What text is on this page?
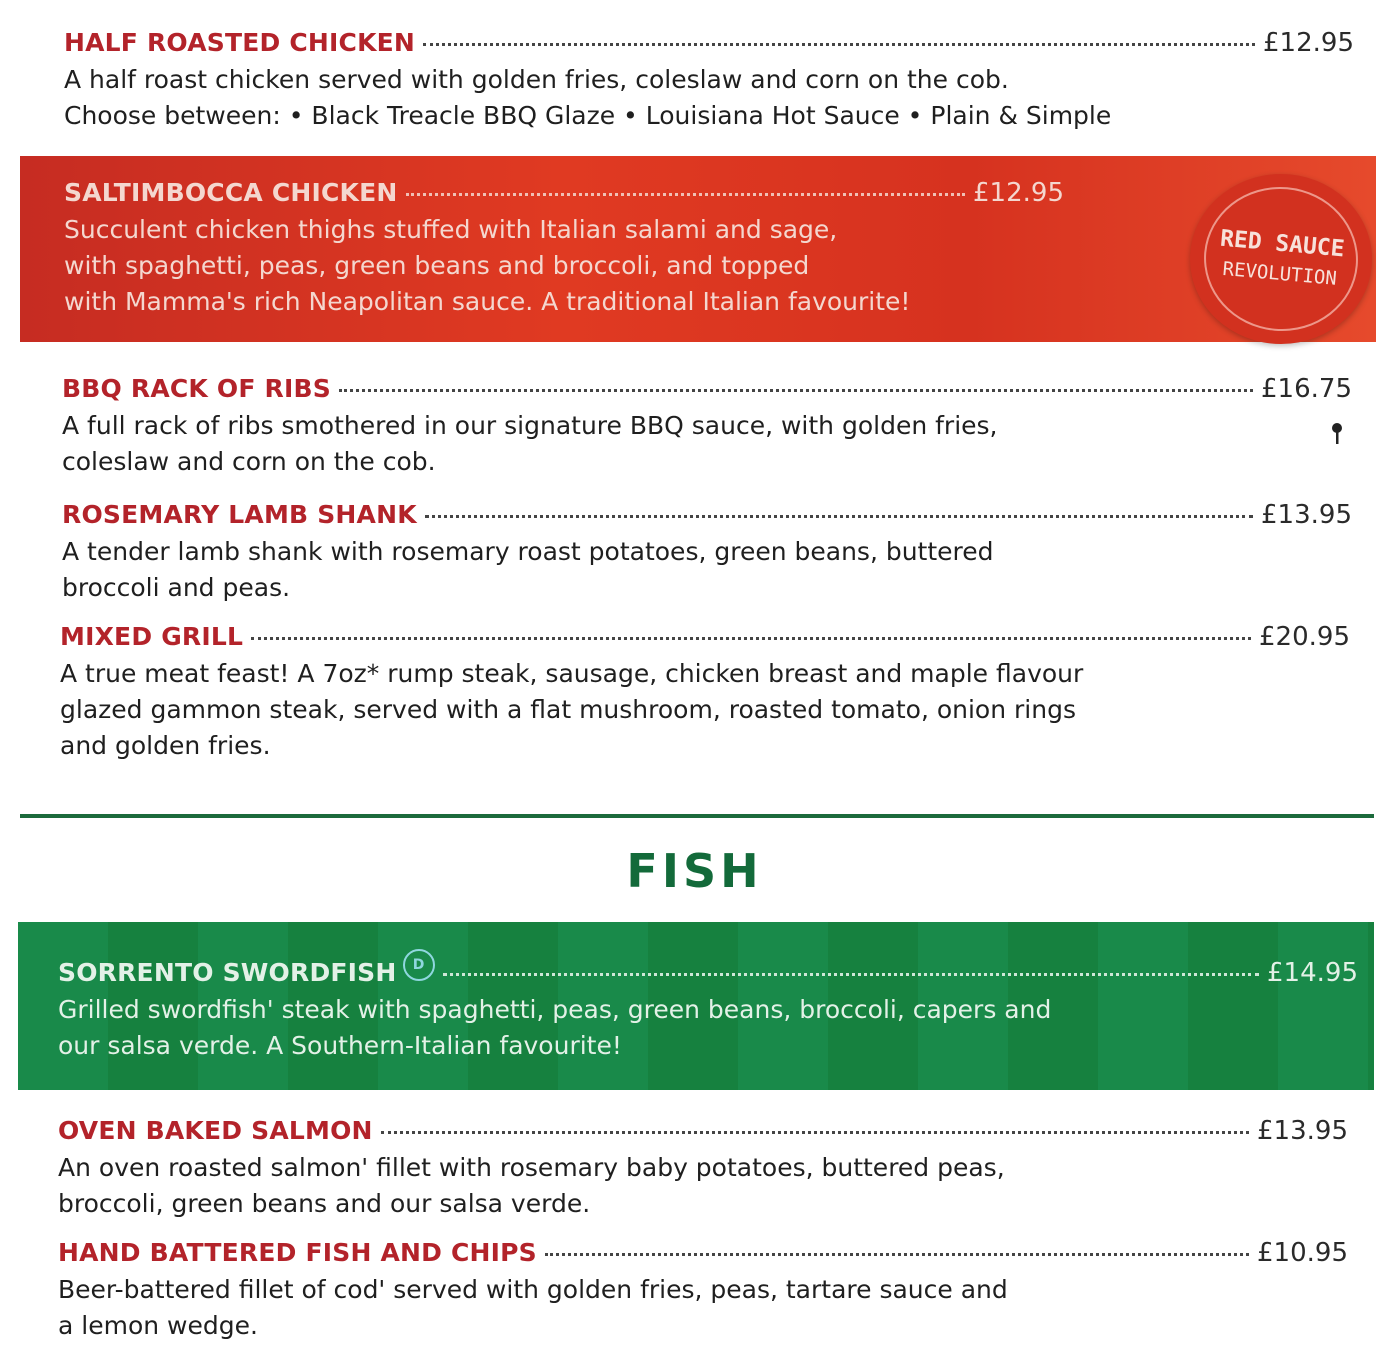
HALF ROASTED CHICKEN	£12.95
A half roast chicken served with golden fries, coleslaw and corn on the cob.
Choose between: • Black Treacle BBQ Glaze • Louisiana Hot Sauce • Plain & Simple
SALTIMBOCCA CHICKEN	£12.95
Succulent chicken thighs stuffed with Italian salami and sage,
with spaghetti, peas, green beans and broccoli, and topped
with Mamma's rich Neapolitan sauce. A traditional Italian favourite!
RED SAUCE
REVOLUTION
BBQ RACK OF RIBS	£16.75
A full rack of ribs smothered in our signature BBQ sauce, with golden fries,
coleslaw and corn on the cob.
ROSEMARY LAMB SHANK	£13.95
A tender lamb shank with rosemary roast potatoes, green beans, buttered
broccoli and peas.
MIXED GRILL	£20.95
A true meat feast! A 7oz* rump steak, sausage, chicken breast and maple flavour
glazed gammon steak, served with a flat mushroom, roasted tomato, onion rings
and golden fries.
FISH
SORRENTO SWORDFISH	D	£14.95
Grilled swordfish' steak with spaghetti, peas, green beans, broccoli, capers and
our salsa verde. A Southern-Italian favourite!
OVEN BAKED SALMON	£13.95
An oven roasted salmon' fillet with rosemary baby potatoes, buttered peas,
broccoli, green beans and our salsa verde.
HAND BATTERED FISH AND CHIPS	£10.95
Beer-battered fillet of cod' served with golden fries, peas, tartare sauce and
a lemon wedge.
